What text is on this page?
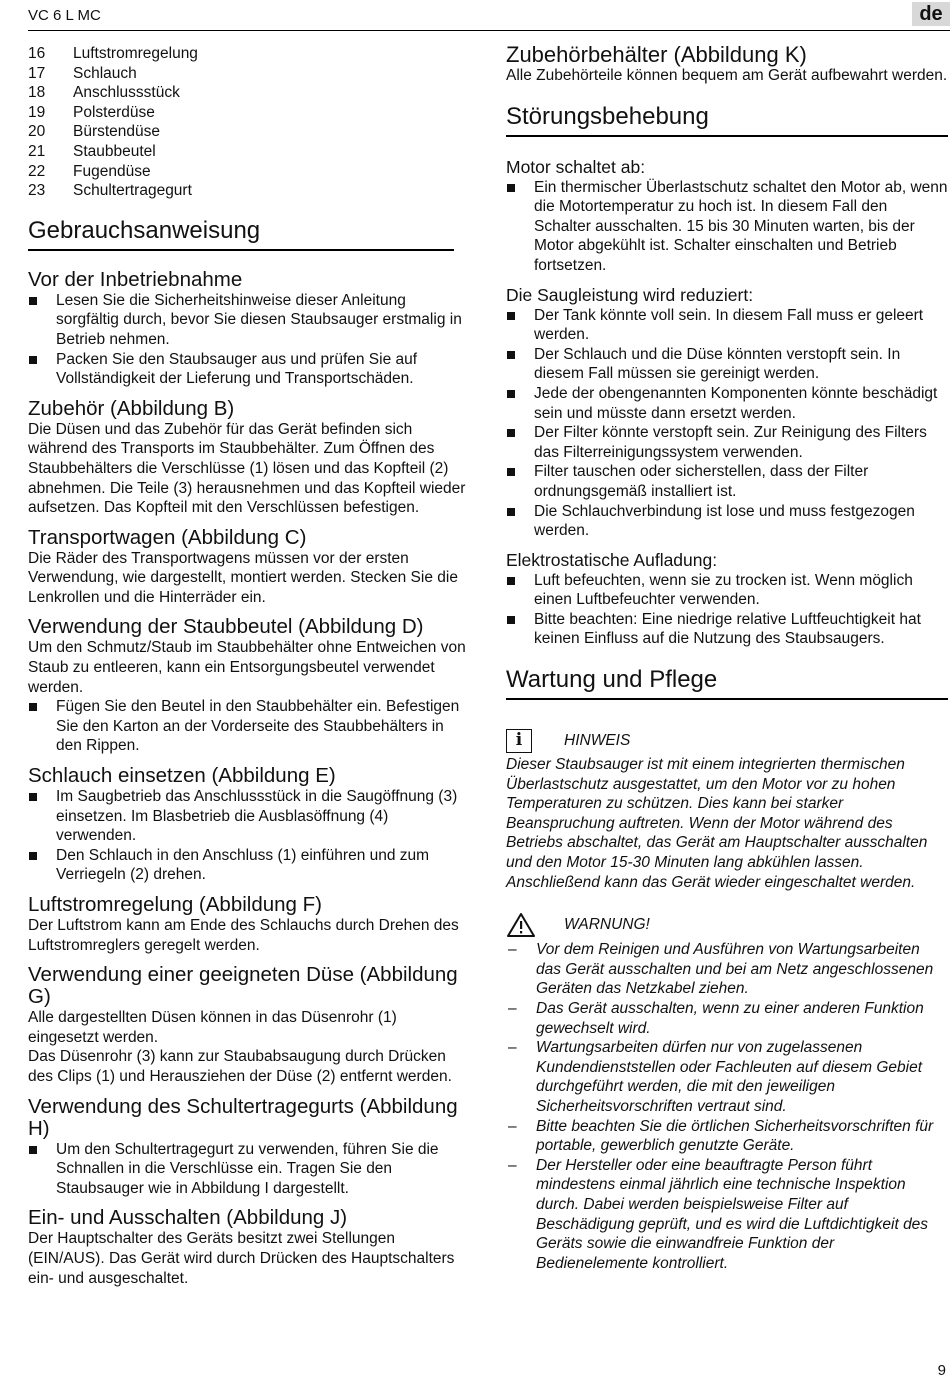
VC 6 L MC	de
16	Luftstromregelung
17	Schlauch
18	Anschlussstück
19	Polsterdüse
20	Bürstendüse
21	Staubbeutel
22	Fugendüse
23	Schultertragegurt
Gebrauchsanweisung
Vor der Inbetriebnahme
Lesen Sie die Sicherheitshinweise dieser Anleitung sorgfältig durch, bevor Sie diesen Staubsauger erstmalig in Betrieb nehmen.
Packen Sie den Staubsauger aus und prüfen Sie auf Vollständigkeit der Lieferung und Transportschäden.
Zubehör (Abbildung B)

Die Düsen und das Zubehör für das Gerät befinden sich während des Transports im Staubbehälter. Zum Öffnen des Staubbehälters die Verschlüsse (1) lösen und das Kopfteil (2) abnehmen. Die Teile (3) herausnehmen und das Kopfteil wieder aufsetzen. Das Kopfteil mit den Verschlüssen befestigen.

Transportwagen (Abbildung C)

Die Räder des Transportwagens müssen vor der ersten Verwendung, wie dargestellt, montiert werden. Stecken Sie die Lenkrollen und die Hinterräder ein.

Verwendung der Staubbeutel (Abbildung D)

Um den Schmutz/Staub im Staubbehälter ohne Entweichen von Staub zu entleeren, kann ein Entsorgungsbeutel verwendet werden.

Fügen Sie den Beutel in den Staubbehälter ein. Befestigen Sie den Karton an der Vorderseite des Staubbehälters in den Rippen.
Schlauch einsetzen (Abbildung E)
Im Saugbetrieb das Anschlussstück in die Saugöffnung (3) einsetzen. Im Blasbetrieb die Ausblasöffnung (4) verwenden.
Den Schlauch in den Anschluss (1) einführen und zum Verriegeln (2) drehen.
Luftstromregelung (Abbildung F)

Der Luftstrom kann am Ende des Schlauchs durch Drehen des Luftstromreglers geregelt werden.

Verwendung einer geeigneten Düse (Abbildung G)

Alle dargestellten Düsen können in das Düsenrohr (1) eingesetzt werden.

Das Düsenrohr (3) kann zur Staubabsaugung durch Drücken des Clips (1) und Herausziehen der Düse (2) entfernt werden.

Verwendung des Schultertragegurts (Abbildung H)
Um den Schultertragegurt zu verwenden, führen Sie die Schnallen in die Verschlüsse ein. Tragen Sie den Staubsauger wie in Abbildung I dargestellt.
Ein- und Ausschalten (Abbildung J)

Der Hauptschalter des Geräts besitzt zwei Stellungen (EIN/AUS). Das Gerät wird durch Drücken des Hauptschalters ein- und ausgeschaltet.

Zubehörbehälter (Abbildung K)

Alle Zubehörteile können bequem am Gerät aufbewahrt werden.

Störungsbehebung
Motor schaltet ab:
Ein thermischer Überlastschutz schaltet den Motor ab, wenn die Motortemperatur zu hoch ist. In diesem Fall den Schalter ausschalten. 15 bis 30 Minuten warten, bis der Motor abgekühlt ist. Schalter einschalten und Betrieb fortsetzen.
Die Saugleistung wird reduziert:
Der Tank könnte voll sein. In diesem Fall muss er geleert werden.
Der Schlauch und die Düse könnten verstopft sein. In diesem Fall müssen sie gereinigt werden.
Jede der obengenannten Komponenten könnte beschädigt sein und müsste dann ersetzt werden.
Der Filter könnte verstopft sein. Zur Reinigung des Filters das Filterreinigungssystem verwenden.
Filter tauschen oder sicherstellen, dass der Filter ordnungsgemäß installiert ist.
Die Schlauchverbindung ist lose und muss festgezogen werden.
Elektrostatische Aufladung:
Luft befeuchten, wenn sie zu trocken ist. Wenn möglich einen Luftbefeuchter verwenden.
Bitte beachten: Eine niedrige relative Luftfeuchtigkeit hat keinen Einfluss auf die Nutzung des Staubsaugers.
Wartung und Pflege
i	HINWEIS

Dieser Staubsauger ist mit einem integrierten thermischen Überlastschutz ausgestattet, um den Motor vor zu hohen Temperaturen zu schützen. Dies kann bei starker Beanspruchung auftreten. Wenn der Motor während des Betriebs abschaltet, das Gerät am Hauptschalter ausschalten und den Motor 15-30 Minuten lang abkühlen lassen. Anschließend kann das Gerät wieder eingeschaltet werden.

WARNUNG!
– Vor dem Reinigen und Ausführen von Wartungsarbeiten das Gerät ausschalten und bei am Netz angeschlossenen Geräten das Netzkabel ziehen.
– Das Gerät ausschalten, wenn zu einer anderen Funktion gewechselt wird.
– Wartungsarbeiten dürfen nur von zugelassenen Kundendienststellen oder Fachleuten auf diesem Gebiet durchgeführt werden, die mit den jeweiligen Sicherheitsvorschriften vertraut sind.
– Bitte beachten Sie die örtlichen Sicherheitsvorschriften für portable, gewerblich genutzte Geräte.
– Der Hersteller oder eine beauftragte Person führt mindestens einmal jährlich eine technische Inspektion durch. Dabei werden beispielsweise Filter auf Beschädigung geprüft, und es wird die Luftdichtigkeit des Geräts sowie die einwandfreie Funktion der Bedienelemente kontrolliert.
9
